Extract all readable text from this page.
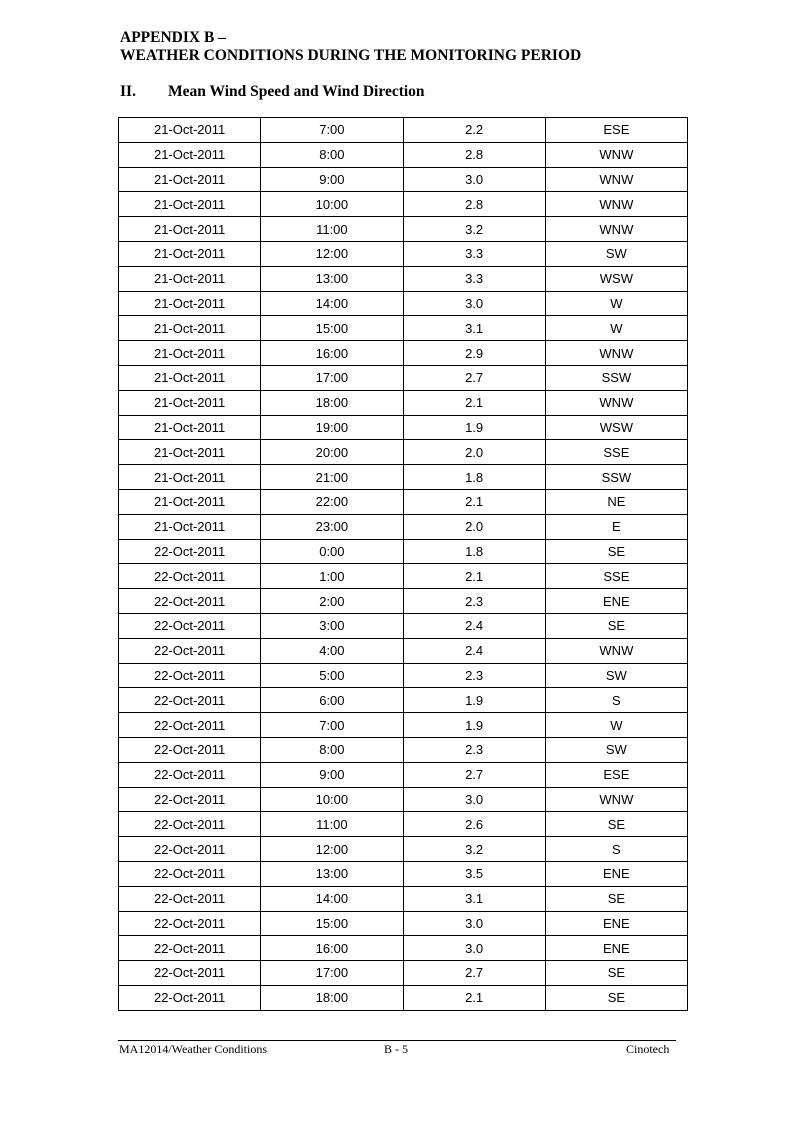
APPENDIX B –
WEATHER CONDITIONS DURING THE MONITORING PERIOD
II.	Mean Wind Speed and Wind Direction
21-Oct-2011	7:00	2.2	ESE
21-Oct-2011	8:00	2.8	WNW
21-Oct-2011	9:00	3.0	WNW
21-Oct-2011	10:00	2.8	WNW
21-Oct-2011	11:00	3.2	WNW
21-Oct-2011	12:00	3.3	SW
21-Oct-2011	13:00	3.3	WSW
21-Oct-2011	14:00	3.0	W
21-Oct-2011	15:00	3.1	W
21-Oct-2011	16:00	2.9	WNW
21-Oct-2011	17:00	2.7	SSW
21-Oct-2011	18:00	2.1	WNW
21-Oct-2011	19:00	1.9	WSW
21-Oct-2011	20:00	2.0	SSE
21-Oct-2011	21:00	1.8	SSW
21-Oct-2011	22:00	2.1	NE
21-Oct-2011	23:00	2.0	E
22-Oct-2011	0:00	1.8	SE
22-Oct-2011	1:00	2.1	SSE
22-Oct-2011	2:00	2.3	ENE
22-Oct-2011	3:00	2.4	SE
22-Oct-2011	4:00	2.4	WNW
22-Oct-2011	5:00	2.3	SW
22-Oct-2011	6:00	1.9	S
22-Oct-2011	7:00	1.9	W
22-Oct-2011	8:00	2.3	SW
22-Oct-2011	9:00	2.7	ESE
22-Oct-2011	10:00	3.0	WNW
22-Oct-2011	11:00	2.6	SE
22-Oct-2011	12:00	3.2	S
22-Oct-2011	13:00	3.5	ENE
22-Oct-2011	14:00	3.1	SE
22-Oct-2011	15:00	3.0	ENE
22-Oct-2011	16:00	3.0	ENE
22-Oct-2011	17:00	2.7	SE
22-Oct-2011	18:00	2.1	SE
MA12014/Weather Conditions	B - 5	Cinotech
